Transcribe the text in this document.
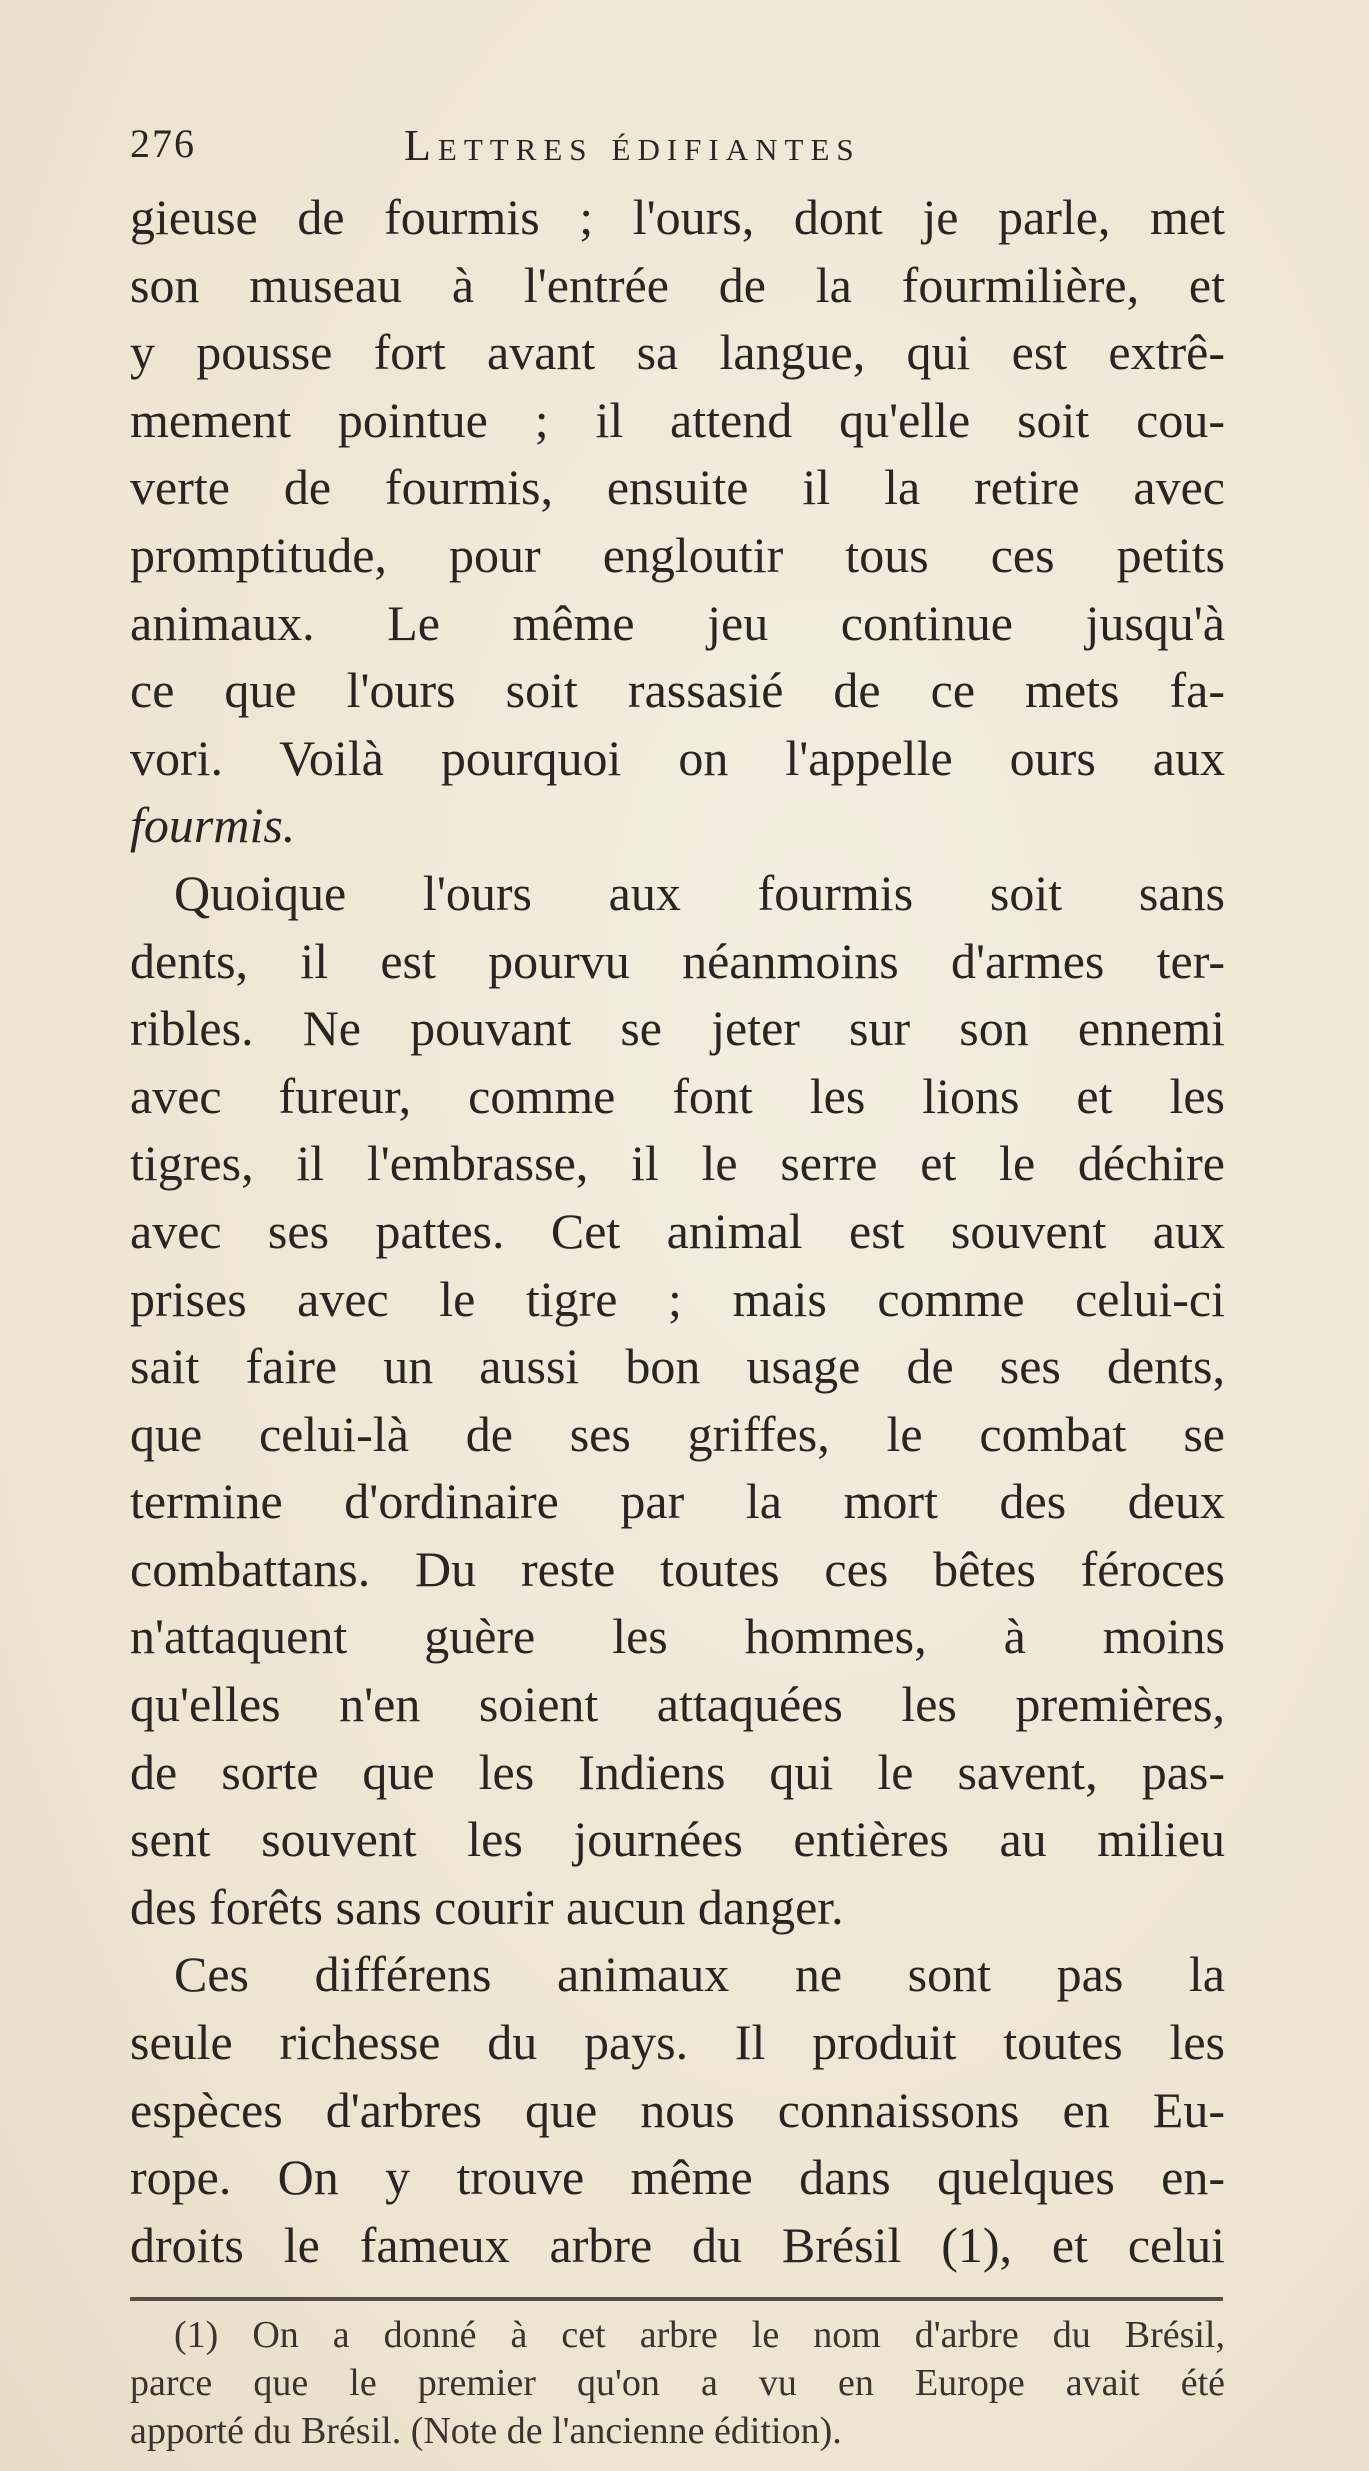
276	Lettres édifiantes
gieuse de fourmis ; l'ours, dont je parle, met
son museau à l'entrée de la fourmilière, et
y pousse fort avant sa langue, qui est extrê-
mement pointue ; il attend qu'elle soit cou-
verte de fourmis, ensuite il la retire avec
promptitude, pour engloutir tous ces petits
animaux. Le même jeu continue jusqu'à
ce que l'ours soit rassasié de ce mets fa-
vori. Voilà pourquoi on l'appelle ours aux
fourmis.
Quoique l'ours aux fourmis soit sans
dents, il est pourvu néanmoins d'armes ter-
ribles. Ne pouvant se jeter sur son ennemi
avec fureur, comme font les lions et les
tigres, il l'embrasse, il le serre et le déchire
avec ses pattes. Cet animal est souvent aux
prises avec le tigre ; mais comme celui-ci
sait faire un aussi bon usage de ses dents,
que celui-là de ses griffes, le combat se
termine d'ordinaire par la mort des deux
combattans. Du reste toutes ces bêtes féroces
n'attaquent guère les hommes, à moins
qu'elles n'en soient attaquées les premières,
de sorte que les Indiens qui le savent, pas-
sent souvent les journées entières au milieu
des forêts sans courir aucun danger.
Ces différens animaux ne sont pas la
seule richesse du pays. Il produit toutes les
espèces d'arbres que nous connaissons en Eu-
rope. On y trouve même dans quelques en-
droits le fameux arbre du Brésil (1), et celui
(1) On a donné à cet arbre le nom d'arbre du Brésil,
parce que le premier qu'on a vu en Europe avait été
apporté du Brésil. (Note de l'ancienne édition).
